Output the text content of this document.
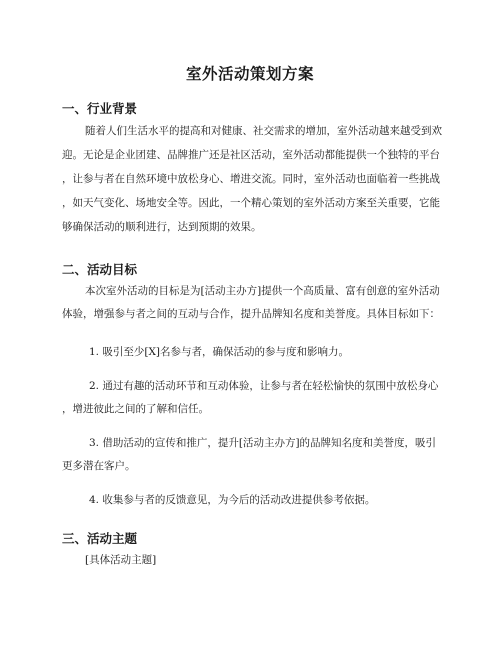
室外活动策划方案
一、行业背景
随着人们生活水平的提高和对健康、社交需求的增加，室外活动越来越受到欢
迎。无论是企业团建、品牌推广还是社区活动，室外活动都能提供一个独特的平台
，让参与者在自然环境中放松身心、增进交流。同时，室外活动也面临着一些挑战
，如天气变化、场地安全等。因此，一个精心策划的室外活动方案至关重要，它能
够确保活动的顺利进行，达到预期的效果。
二、活动目标
本次室外活动的目标是为[活动主办方]提供一个高质量、富有创意的室外活动
体验，增强参与者之间的互动与合作，提升品牌知名度和美誉度。具体目标如下：
1. 吸引至少[X]名参与者，确保活动的参与度和影响力。
2. 通过有趣的活动环节和互动体验，让参与者在轻松愉快的氛围中放松身心
，增进彼此之间的了解和信任。
3. 借助活动的宣传和推广，提升[活动主办方]的品牌知名度和美誉度，吸引
更多潜在客户。
4. 收集参与者的反馈意见，为今后的活动改进提供参考依据。
三、活动主题
[具体活动主题]
